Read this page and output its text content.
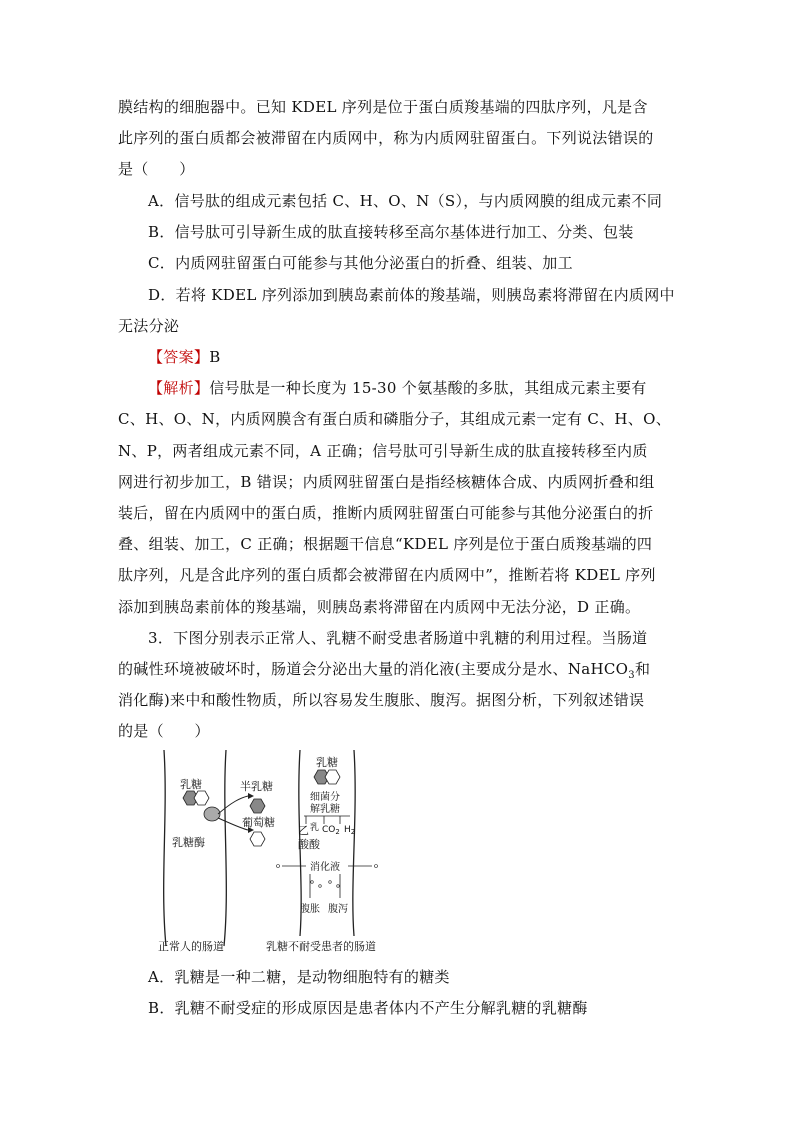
膜结构的细胞器中。已知 KDEL 序列是位于蛋白质羧基端的四肽序列，凡是含
此序列的蛋白质都会被滞留在内质网中，称为内质网驻留蛋白。下列说法错误的
是（　　）
A．信号肽的组成元素包括 C、H、O、N（S），与内质网膜的组成元素不同
B．信号肽可引导新生成的肽直接转移至高尔基体进行加工、分类、包装
C．内质网驻留蛋白可能参与其他分泌蛋白的折叠、组装、加工
D．若将 KDEL 序列添加到胰岛素前体的羧基端，则胰岛素将滞留在内质网中
无法分泌
【答案】B
【解析】信号肽是一种长度为 15-30 个氨基酸的多肽，其组成元素主要有
C、H、O、N，内质网膜含有蛋白质和磷脂分子，其组成元素一定有 C、H、O、
N、P，两者组成元素不同，A 正确；信号肽可引导新生成的肽直接转移至内质
网进行初步加工，B 错误；内质网驻留蛋白是指经核糖体合成、内质网折叠和组
装后，留在内质网中的蛋白质，推断内质网驻留蛋白可能参与其他分泌蛋白的折
叠、组装、加工，C 正确；根据题干信息“KDEL 序列是位于蛋白质羧基端的四
肽序列，凡是含此序列的蛋白质都会被滞留在内质网中”，推断若将 KDEL 序列
添加到胰岛素前体的羧基端，则胰岛素将滞留在内质网中无法分泌，D 正确。
3．下图分别表示正常人、乳糖不耐受患者肠道中乳糖的利用过程。当肠道
的碱性环境被破坏时，肠道会分泌出大量的消化液(主要成分是水、NaHCO$_3$和
消化酶)来中和酸性物质，所以容易发生腹胀、腹泻。据图分析，下列叙述错误
的是（　　）
乳糖
乳糖酶
半乳糖
葡萄糖
正常人的肠道
乳糖
细菌分
解乳糖
乙 乳 $CO_2$ $H_2$
酸酸
消化液
腹胀 腹泻
乳糖不耐受患者的肠道
A．乳糖是一种二糖，是动物细胞特有的糖类
B．乳糖不耐受症的形成原因是患者体内不产生分解乳糖的乳糖酶
